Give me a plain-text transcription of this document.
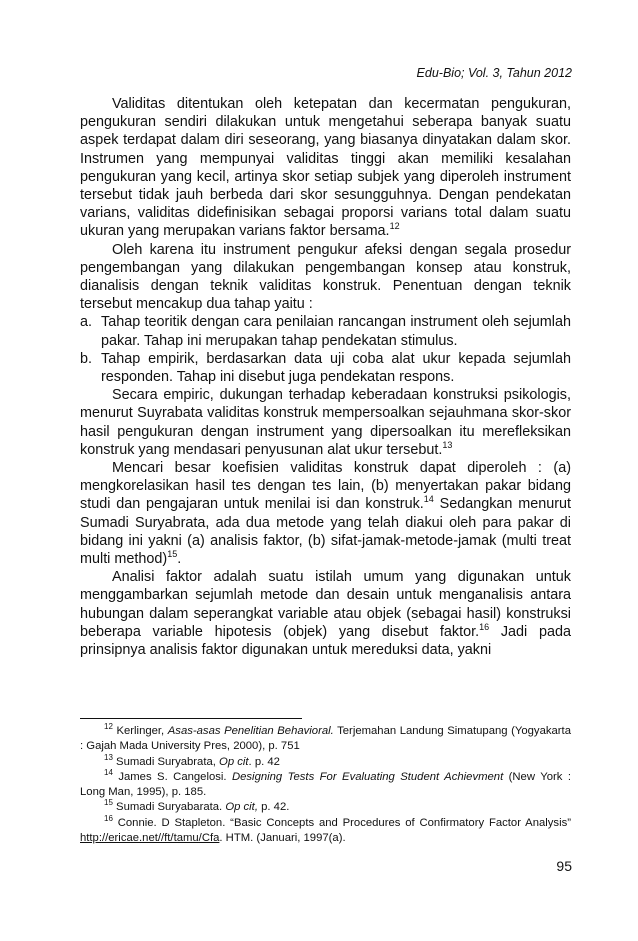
Edu-Bio; Vol. 3, Tahun 2012

Validitas ditentukan oleh ketepatan dan kecermatan pengukuran, pengukuran sendiri dilakukan untuk mengetahui seberapa banyak suatu aspek terdapat dalam diri seseorang, yang biasanya dinyatakan dalam skor. Instrumen yang mempunyai validitas tinggi akan memiliki kesalahan pengukuran yang kecil, artinya skor setiap subjek yang diperoleh instrument tersebut tidak jauh berbeda dari skor sesungguhnya. Dengan pendekatan varians, validitas didefinisikan sebagai proporsi varians total dalam suatu ukuran yang merupakan varians faktor bersama.$^{12}$

Oleh karena itu instrument pengukur afeksi dengan segala prosedur pengembangan yang dilakukan pengembangan konsep atau konstruk, dianalisis dengan teknik validitas konstruk. Penentuan dengan teknik tersebut mencakup dua tahap yaitu :

a. Tahap teoritik dengan cara penilaian rancangan instrument oleh sejumlah pakar. Tahap ini merupakan tahap pendekatan stimulus.
b. Tahap empirik, berdasarkan data uji coba alat ukur kepada sejumlah responden. Tahap ini disebut juga pendekatan respons.

Secara empiric, dukungan terhadap keberadaan konstruksi psikologis, menurut Suyrabata validitas konstruk mempersoalkan sejauhmana skor-skor hasil pengukuran dengan instrument yang dipersoalkan itu merefleksikan konstruk yang mendasari penyusunan alat ukur tersebut.$^{13}$

Mencari besar koefisien validitas konstruk dapat diperoleh : (a) mengkorelasikan hasil tes dengan tes lain, (b) menyertakan pakar bidang studi dan pengajaran untuk menilai isi dan konstruk.$^{14}$ Sedangkan menurut Sumadi Suryabrata, ada dua metode yang telah diakui oleh para pakar di bidang ini yakni (a) analisis faktor, (b) sifat-jamak-metode-jamak (multi treat multi method)$^{15}$.

Analisi faktor adalah suatu istilah umum yang digunakan untuk menggambarkan sejumlah metode dan desain untuk menganalisis antara hubungan dalam seperangkat variable atau objek (sebagai hasil) konstruksi beberapa variable hipotesis (objek) yang disebut faktor.$^{16}$ Jadi pada prinsipnya analisis faktor digunakan untuk mereduksi data, yakni

$^{12}$ Kerlinger, Asas-asas Penelitian Behavioral. Terjemahan Landung Simatupang (Yogyakarta : Gajah Mada University Pres, 2000), p. 751

$^{13}$ Sumadi Suryabrata, Op cit. p. 42

$^{14}$ James S. Cangelosi. Designing Tests For Evaluating Student Achievment (New York : Long Man, 1995), p. 185.

$^{15}$ Sumadi Suryabarata. Op cit, p. 42.

$^{16}$ Connie. D Stapleton. “Basic Concepts and Procedures of Confirmatory Factor Analysis” http://ericae.net//ft/tamu/Cfa. HTM. (Januari, 1997(a).

95
